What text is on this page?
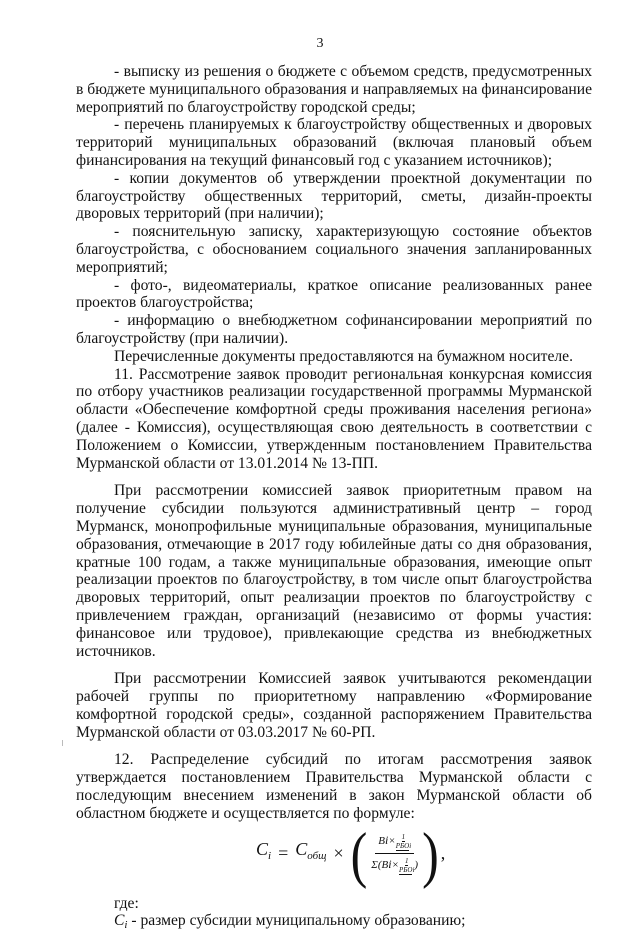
3

- выписку из решения о бюджете с объемом средств, предусмотренных в бюджете муниципального образования и направляемых на финансирование мероприятий по благоустройству городской среды;

- перечень планируемых к благоустройству общественных и дворовых территорий муниципальных образований (включая плановый объем финансирования на текущий финансовый год с указанием источников);

- копии документов об утверждении проектной документации по благоустройству общественных территорий, сметы, дизайн-проекты дворовых территорий (при наличии);

- пояснительную записку, характеризующую состояние объектов благоустройства, с обоснованием социального значения запланированных мероприятий;

- фото-, видеоматериалы, краткое описание реализованных ранее проектов благоустройства;

- информацию о внебюджетном софинансировании мероприятий по благоустройству (при наличии).

Перечисленные документы предоставляются на бумажном носителе.

11. Рассмотрение заявок проводит региональная конкурсная комиссия по отбору участников реализации государственной программы Мурманской области «Обеспечение комфортной среды проживания населения региона» (далее - Комиссия), осуществляющая свою деятельность в соответствии с Положением о Комиссии, утвержденным постановлением Правительства Мурманской области от 13.01.2014 № 13-ПП.

При рассмотрении комиссией заявок приоритетным правом на получение субсидии пользуются административный центр – город Мурманск, монопрофильные муниципальные образования, муниципальные образования, отмечающие в 2017 году юбилейные даты со дня образования, кратные 100 годам, а также муниципальные образования, имеющие опыт реализации проектов по благоустройству, в том числе опыт благоустройства дворовых территорий, опыт реализации проектов по благоустройству с привлечением граждан, организаций (независимо от формы участия: финансовое или трудовое), привлекающие средства из внебюджетных источников.

При рассмотрении Комиссией заявок учитываются рекомендации рабочей группы по приоритетному направлению «Формирование комфортной городской среды», созданной распоряжением Правительства Мурманской области от 03.03.2017 № 60-РП.

12. Распределение субсидий по итогам рассмотрения заявок утверждается постановлением Правительства Мурманской области с последующим внесением изменений в закон Мурманской области об областном бюджете и осуществляется по формуле:

$C_i = C_{общ}$ × ( Bi× 1
РБОi
Σ(Bi× 1
РБОi ) ) ,

где:

$C_i$ - размер субсидии муниципальному образованию;
